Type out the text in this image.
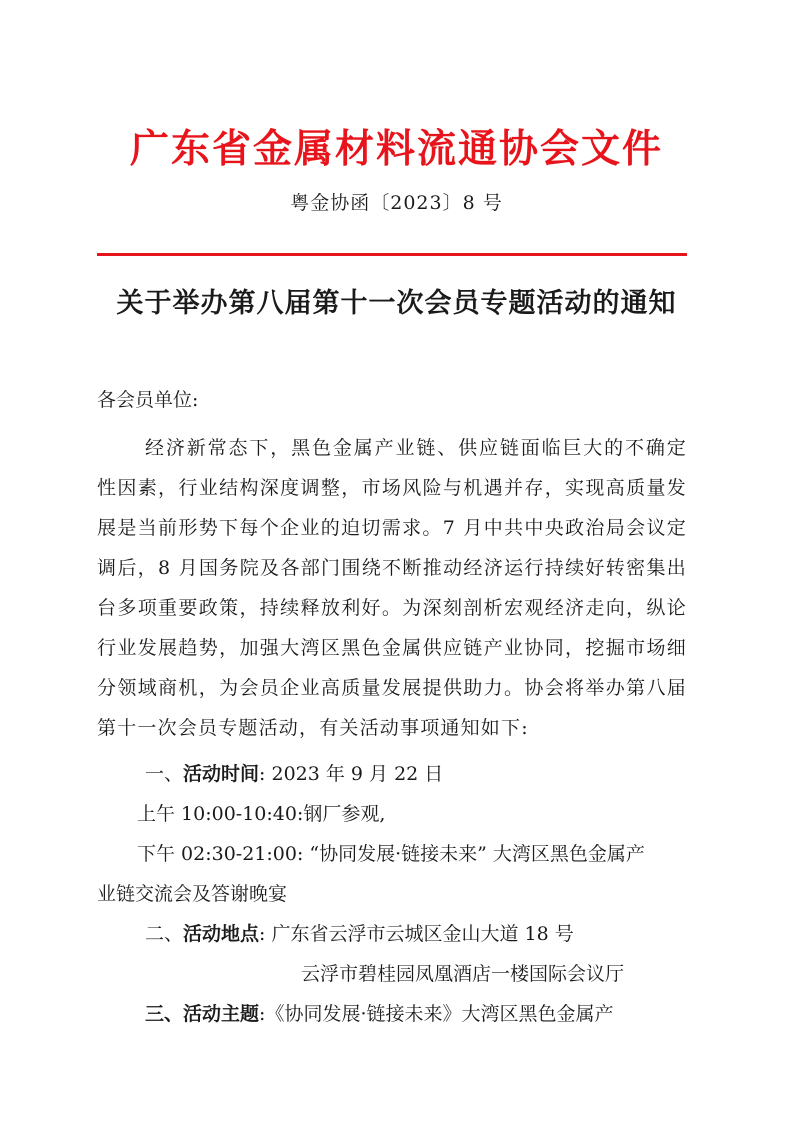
广东省金属材料流通协会文件
粤金协函〔2023〕8 号
关于举办第八届第十一次会员专题活动的通知

各会员单位:

经济新常态下，黑色金属产业链、供应链面临巨大的不确定性因素，行业结构深度调整，市场风险与机遇并存，实现高质量发展是当前形势下每个企业的迫切需求。7 月中共中央政治局会议定调后，8 月国务院及各部门围绕不断推动经济运行持续好转密集出台多项重要政策，持续释放利好。为深刻剖析宏观经济走向，纵论行业发展趋势，加强大湾区黑色金属供应链产业协同，挖掘市场细分领域商机，为会员企业高质量发展提供助力。协会将举办第八届第十一次会员专题活动，有关活动事项通知如下:

一、活动时间: 2023 年 9 月 22 日

上午 10:00-10:40:钢厂参观,

下午 02:30-21:00: “协同发展·链接未来” 大湾区黑色金属产

业链交流会及答谢晚宴

二、活动地点: 广东省云浮市云城区金山大道 18 号

云浮市碧桂园凤凰酒店一楼国际会议厅

三、活动主题:《协同发展·链接未来》大湾区黑色金属产
